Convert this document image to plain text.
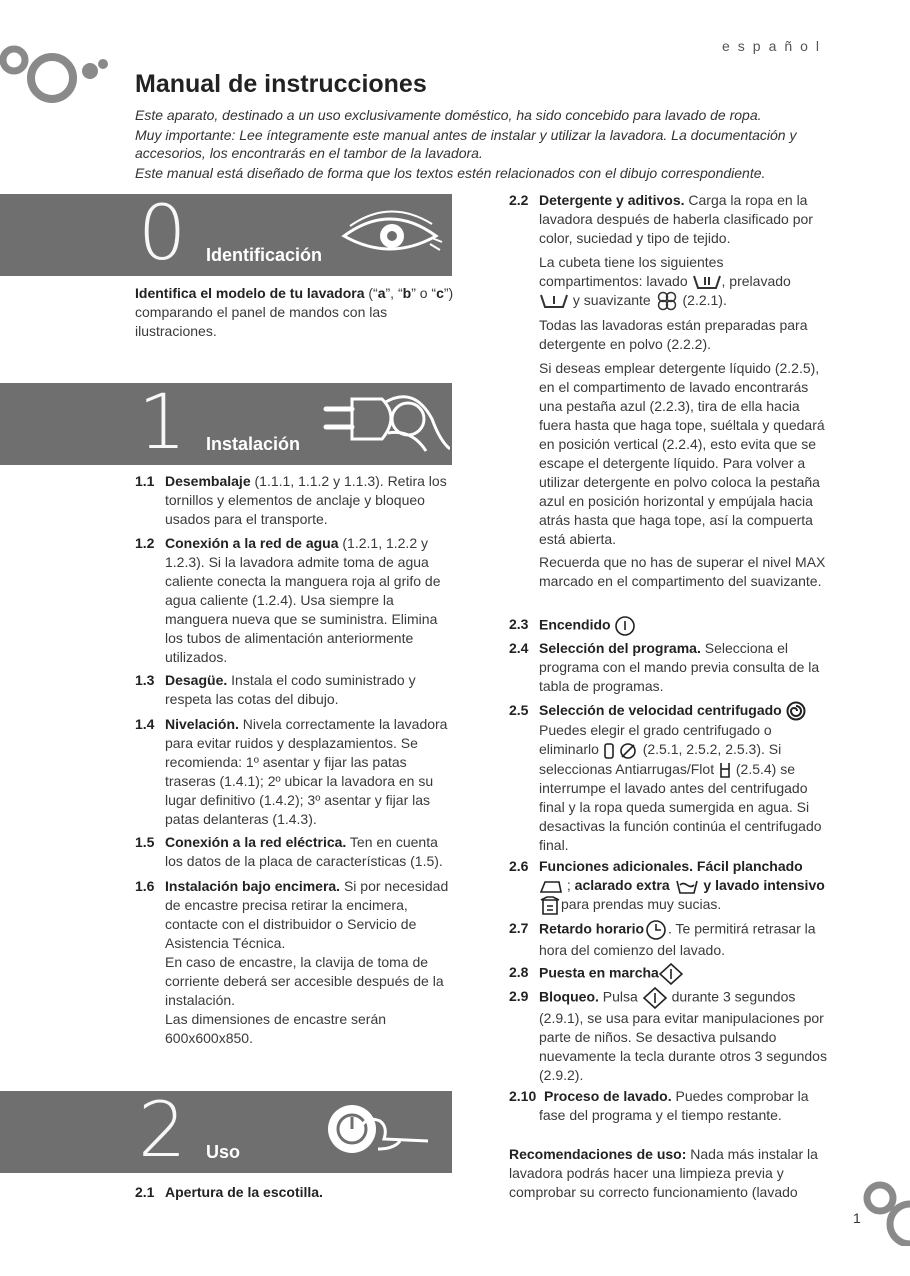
español
Manual de instrucciones
Este aparato, destinado a un uso exclusivamente doméstico, ha sido concebido para lavado de ropa.
Muy importante: Lee íntegramente este manual antes de instalar y utilizar la lavadora. La documentación y accesorios, los encontrarás en el tambor de la lavadora.
Este manual está diseñado de forma que los textos estén relacionados con el dibujo correspondiente.
0 Identificación
Identifica el modelo de tu lavadora (“a”, “b” o “c”) comparando el panel de mandos con las ilustraciones.
1 Instalación
1.1 Desembalaje (1.1.1, 1.1.2 y 1.1.3). Retira los tornillos y elementos de anclaje y bloqueo usados para el transporte.
1.2 Conexión a la red de agua (1.2.1, 1.2.2 y 1.2.3). Si la lavadora admite toma de agua caliente conecta la manguera roja al grifo de agua caliente (1.2.4). Usa siempre la manguera nueva que se suministra. Elimina los tubos de alimentación anteriormente utilizados.
1.3 Desagüe. Instala el codo suministrado y respeta las cotas del dibujo.
1.4 Nivelación. Nivela correctamente la lavadora para evitar ruidos y desplazamientos. Se recomienda: 1º asentar y fijar las patas traseras (1.4.1); 2º ubicar la lavadora en su lugar definitivo (1.4.2); 3º asentar y fijar las patas delanteras (1.4.3).
1.5 Conexión a la red eléctrica. Ten en cuenta los datos de la placa de características (1.5).
1.6 Instalación bajo encimera. Si por necesidad de encastre precisa retirar la encimera, contacte con el distribuidor o Servicio de Asistencia Técnica.
En caso de encastre, la clavija de toma de corriente deberá ser accesible después de la instalación.
Las dimensiones de encastre serán 600x600x850.
2 Uso
2.1 Apertura de la escotilla.
2.2 Detergente y aditivos. Carga la ropa en la lavadora después de haberla clasificado por color, suciedad y tipo de tejido.
La cubeta tiene los siguientes compartimentos: lavado , prelavado
y suavizante (2.2.1).
Todas las lavadoras están preparadas para detergente en polvo (2.2.2).
Si deseas emplear detergente líquido (2.2.5), en el compartimento de lavado encontrarás una pestaña azul (2.2.3), tira de ella hacia fuera hasta que haga tope, suéltala y quedará en posición vertical (2.2.4), esto evita que se escape el detergente líquido. Para volver a utilizar detergente en polvo coloca la pestaña azul en posición horizontal y empújala hacia atrás hasta que haga tope, así la compuerta está abierta.
Recuerda que no has de superar el nivel MAX marcado en el compartimento del suavizante.
2.3 Encendido
2.4 Selección del programa. Selecciona el programa con el mando previa consulta de la tabla de programas.
2.5 Selección de velocidad centrifugado
Puedes elegir el grado centrifugado o eliminarlo	(2.5.1, 2.5.2, 2.5.3). Si seleccionas Antiarrugas/Flot (2.5.4) se interrumpe el lavado antes del centrifugado final y la ropa queda sumergida en agua. Si desactivas la función continúa el centrifugado final.
2.6 Funciones adicionales. Fácil planchado
; aclarado extra y lavado intensivopara prendas muy sucias.
2.7 Retardo horario . Te permitirá retrasar la hora del comienzo del lavado.
2.8 Puesta en marcha
2.9 Bloqueo. Pulsa durante 3 segundos (2.9.1), se usa para evitar manipulaciones por parte de niños. Se desactiva pulsando nuevamente la tecla durante otros 3 segundos (2.9.2).
2.10 Proceso de lavado. Puedes comprobar la fase del programa y el tiempo restante.
Recomendaciones de uso: Nada más instalar la lavadora podrás hacer una limpieza previa y comprobar su correcto funcionamiento (lavado
1
